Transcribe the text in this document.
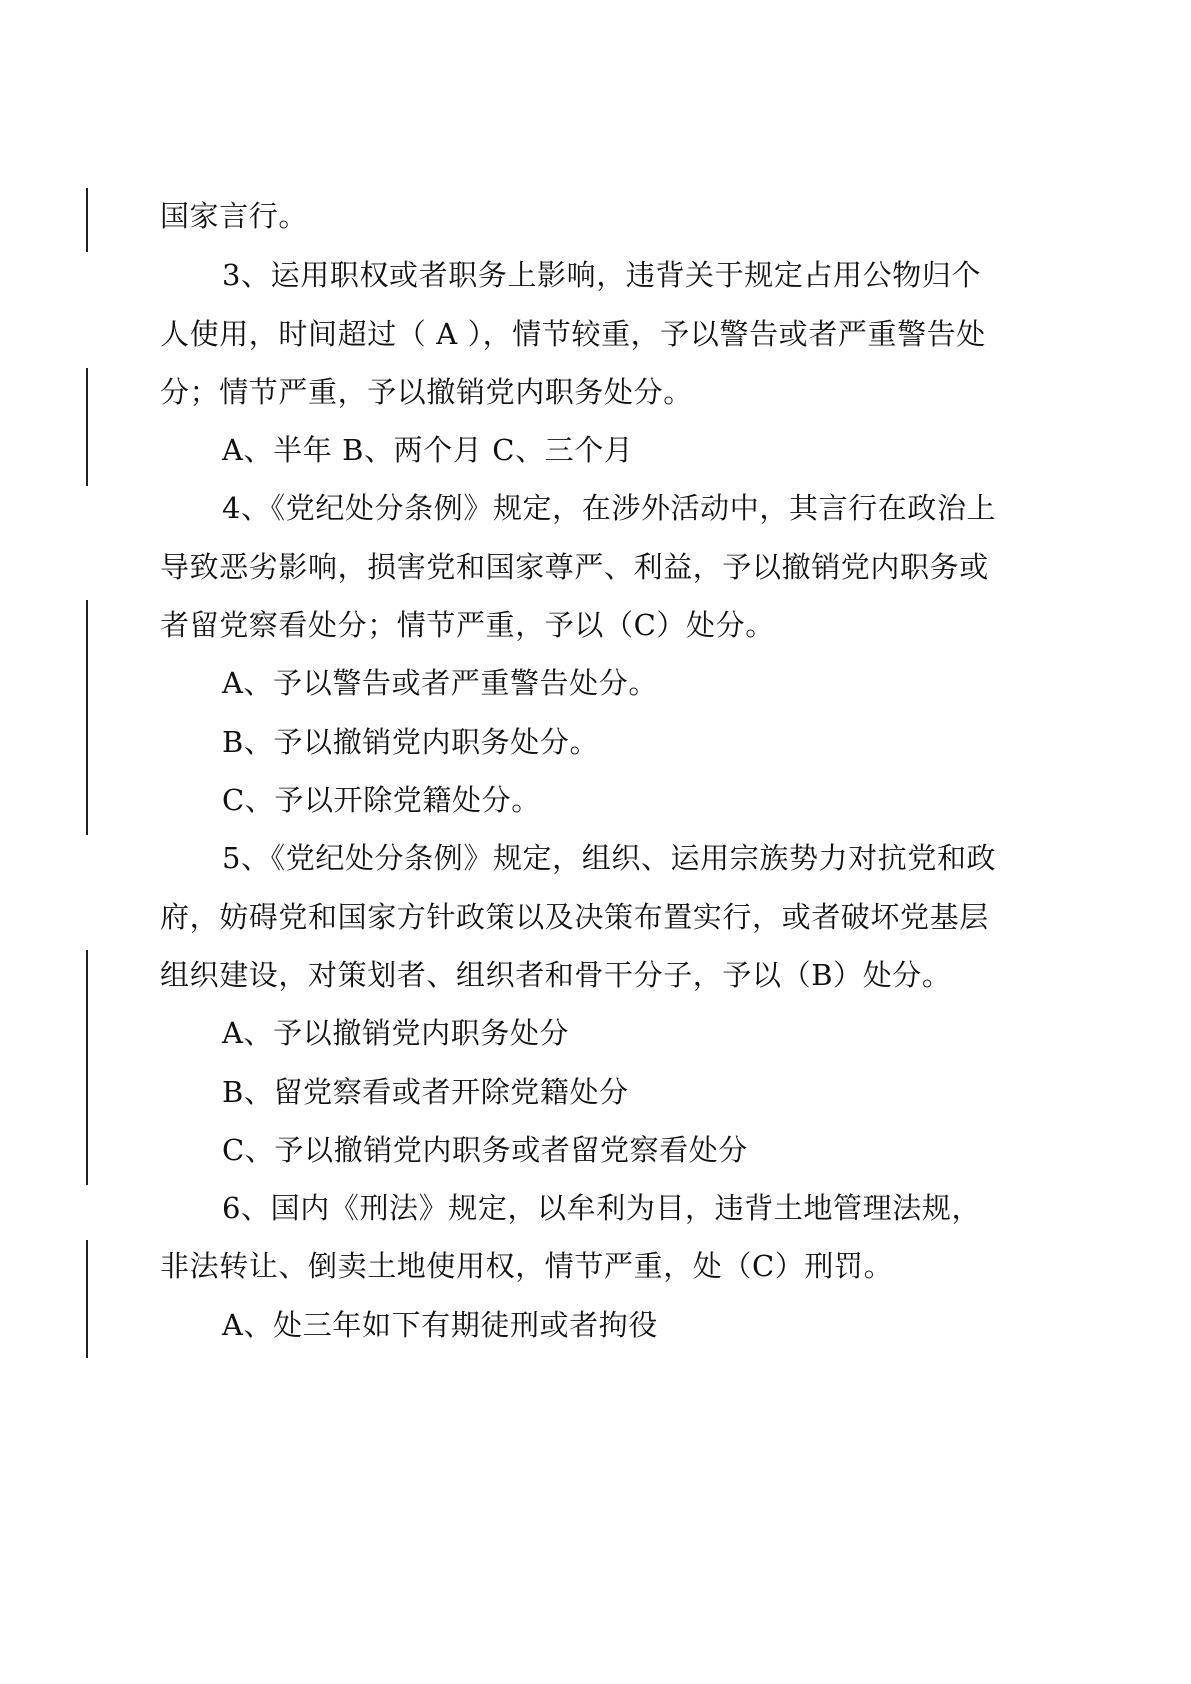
国家言行。
3、运用职权或者职务上影响，违背关于规定占用公物归个
人使用，时间超过（ A ），情节较重，予以警告或者严重警告处
分；情节严重，予以撤销党内职务处分。
A、半年 B、两个月 C、三个月
4、《党纪处分条例》规定，在涉外活动中，其言行在政治上
导致恶劣影响，损害党和国家尊严、利益，予以撤销党内职务或
者留党察看处分；情节严重，予以（C）处分。
A、予以警告或者严重警告处分。
B、予以撤销党内职务处分。
C、予以开除党籍处分。
5、《党纪处分条例》规定，组织、运用宗族势力对抗党和政
府，妨碍党和国家方针政策以及决策布置实行，或者破坏党基层
组织建设，对策划者、组织者和骨干分子，予以（B）处分。
A、予以撤销党内职务处分
B、留党察看或者开除党籍处分
C、予以撤销党内职务或者留党察看处分
6、国内《刑法》规定，以牟利为目，违背土地管理法规，
非法转让、倒卖土地使用权，情节严重，处（C）刑罚。
A、处三年如下有期徒刑或者拘役
